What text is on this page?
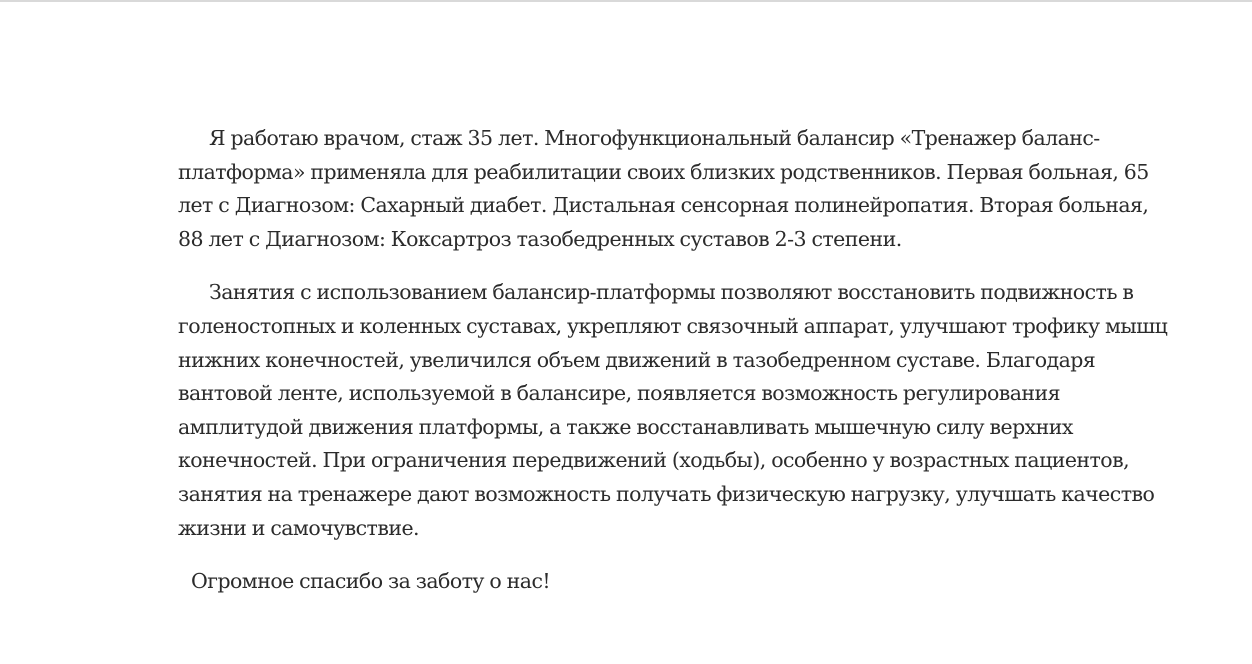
Я работаю врачом, стаж 35 лет. Многофункциональный балансир «Тренажер баланс-платформа» применяла для реабилитации своих близких родственников. Первая больная, 65 лет с Диагнозом: Сахарный диабет. Дистальная сенсорная полинейропатия. Вторая больная, 88 лет с Диагнозом: Коксартроз тазобедренных суставов 2-3 степени.

Занятия с использованием балансир-платформы позволяют восстановить подвижность в голеностопных и коленных суставах, укрепляют связочный аппарат, улучшают трофику мышц нижних конечностей, увеличился объем движений в тазобедренном суставе. Благодаря вантовой ленте, используемой в балансире, появляется возможность регулирования амплитудой движения платформы, а также восстанавливать мышечную силу верхних конечностей. При ограничения передвижений (ходьбы), особенно у возрастных пациентов, занятия на тренажере дают возможность получать физическую нагрузку, улучшать качество жизни и самочувствие.

Огромное спасибо за заботу о нас!
